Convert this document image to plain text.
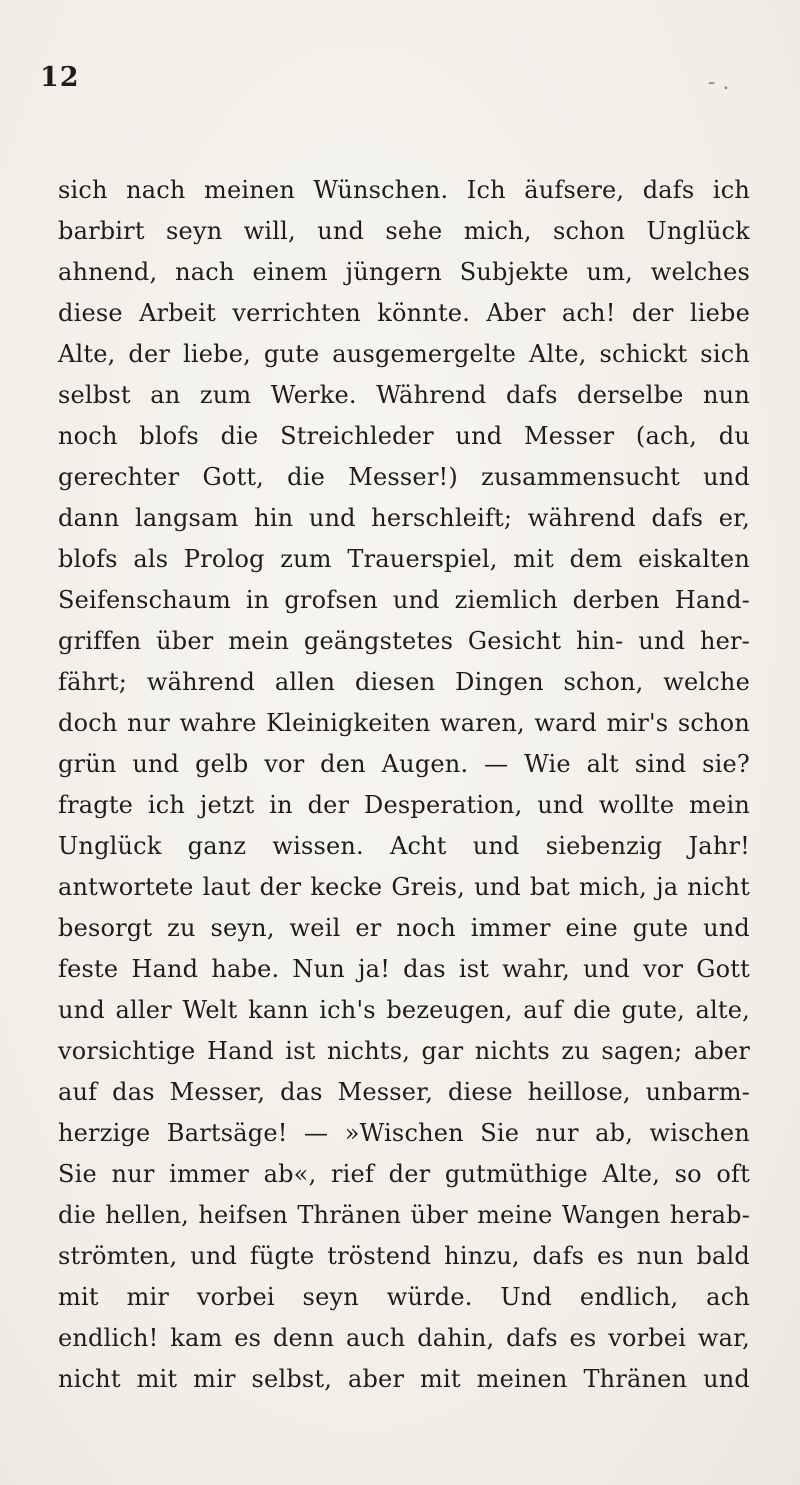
12	- .
sich nach meinen Wünschen. Ich äufsere, dafs ich
barbirt seyn will, und sehe mich, schon Unglück
ahnend, nach einem jüngern Subjekte um, welches
diese Arbeit verrichten könnte. Aber ach! der liebe
Alte, der liebe, gute ausgemergelte Alte, schickt sich
selbst an zum Werke. Während dafs derselbe nun
noch blofs die Streichleder und Messer (ach, du
gerechter Gott, die Messer!) zusammensucht und
dann langsam hin und herschleift; während dafs er,
blofs als Prolog zum Trauerspiel, mit dem eiskalten
Seifenschaum in grofsen und ziemlich derben Hand-
griffen über mein geängstetes Gesicht hin- und her-
fährt; während allen diesen Dingen schon, welche
doch nur wahre Kleinigkeiten waren, ward mir's schon
grün und gelb vor den Augen. — Wie alt sind sie?
fragte ich jetzt in der Desperation, und wollte mein
Unglück ganz wissen. Acht und siebenzig Jahr!
antwortete laut der kecke Greis, und bat mich, ja nicht
besorgt zu seyn, weil er noch immer eine gute und
feste Hand habe. Nun ja! das ist wahr, und vor Gott
und aller Welt kann ich's bezeugen, auf die gute, alte,
vorsichtige Hand ist nichts, gar nichts zu sagen; aber
auf das Messer, das Messer, diese heillose, unbarm-
herzige Bartsäge! — »Wischen Sie nur ab, wischen
Sie nur immer ab«, rief der gutmüthige Alte, so oft
die hellen, heifsen Thränen über meine Wangen herab-
strömten, und fügte tröstend hinzu, dafs es nun bald
mit mir vorbei seyn würde. Und endlich, ach
endlich! kam es denn auch dahin, dafs es vorbei war,
nicht mit mir selbst, aber mit meinen Thränen und
